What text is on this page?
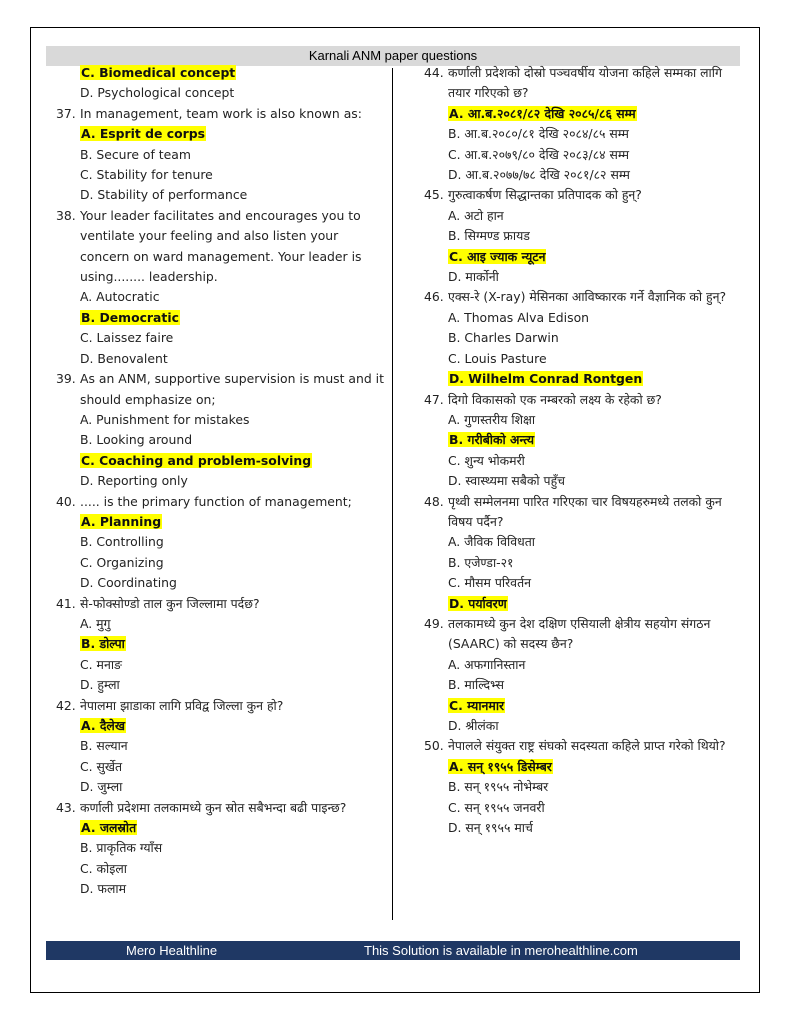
Karnali ANM paper questions
C. Biomedical concept
D. Psychological concept
37. In management, team work is also known as:
A. Esprit de corps
B. Secure of team
C. Stability for tenure
D. Stability of performance
38. Your leader facilitates and encourages you to ventilate your feeling and also listen your concern on ward management. Your leader is using........ leadership.
A. Autocratic
B. Democratic
C. Laissez faire
D. Benovalent
39. As an ANM, supportive supervision is must and it should emphasize on;
A. Punishment for mistakes
B. Looking around
C. Coaching and problem-solving
D. Reporting only
40. ..... is the primary function of management;
A. Planning
B. Controlling
C. Organizing
D. Coordinating
41. से-फोक्सोण्डो ताल कुन जिल्लामा पर्दछ?
A. मुगु
B. डोल्पा
C. मनाङ
D. हुम्ला
42. नेपालमा झाडाका लागि प्रविद्व जिल्ला कुन हो?
A. दैलेख
B. सल्यान
C. सुर्खेत
D. जुम्ला
43. कर्णाली प्रदेशमा तलकामध्ये कुन स्रोत सबैभन्दा बढी पाइन्छ?
A. जलस्रोत
B. प्राकृतिक ग्याँस
C. कोइला
D. फलाम
44. कर्णाली प्रदेशको दोस्रो पञ्चवर्षीय योजना कहिले सम्मका लागि तयार गरिएको छ?
A. आ.ब.२०८१/८२ देखि २०८५/८६ सम्म
B. आ.ब.२०८०/८१ देखि २०८४/८५ सम्म
C. आ.ब.२०७९/८० देखि २०८३/८४ सम्म
D. आ.ब.२०७७/७८ देखि २०८१/८२ सम्म
45. गुरुत्वाकर्षण सिद्धान्तका प्रतिपादक को हुन्?
A. अटो हान
B. सिग्मण्ड फ्रायड
C. आइ ज्याक न्यूटन
D. मार्कोनी
46. एक्स-रे (X-ray) मेसिनका आविष्कारक गर्ने वैज्ञानिक को हुन्?
A. Thomas Alva Edison
B. Charles Darwin
C. Louis Pasture
D. Wilhelm Conrad Rontgen
47. दिगो विकासको एक नम्बरको लक्ष्य के रहेको छ?
A. गुणस्तरीय शिक्षा
B. गरीबीको अन्त्य
C. शुन्य भोकमरी
D. स्वास्थ्यमा सबैको पहुँच
48. पृथ्वी सम्मेलनमा पारित गरिएका चार विषयहरुमध्ये तलको कुन विषय पर्दैन?
A. जैविक विविधता
B. एजेण्डा-२१
C. मौसम परिवर्तन
D. पर्यावरण
49. तलकामध्ये कुन देश दक्षिण एसियाली क्षेत्रीय सहयोग संगठन (SAARC) को सदस्य छैन?
A. अफगानिस्तान
B. माल्दिभ्स
C. म्यानमार
D. श्रीलंका
50. नेपालले संयुक्त राष्ट्र संघको सदस्यता कहिले प्राप्त गरेको थियो?
A. सन् १९५५ डिसेम्बर
B. सन् १९५५ नोभेम्बर
C. सन् १९५५ जनवरी
D. सन् १९५५ मार्च
Mero Healthline	This Solution is available in merohealthline.com
